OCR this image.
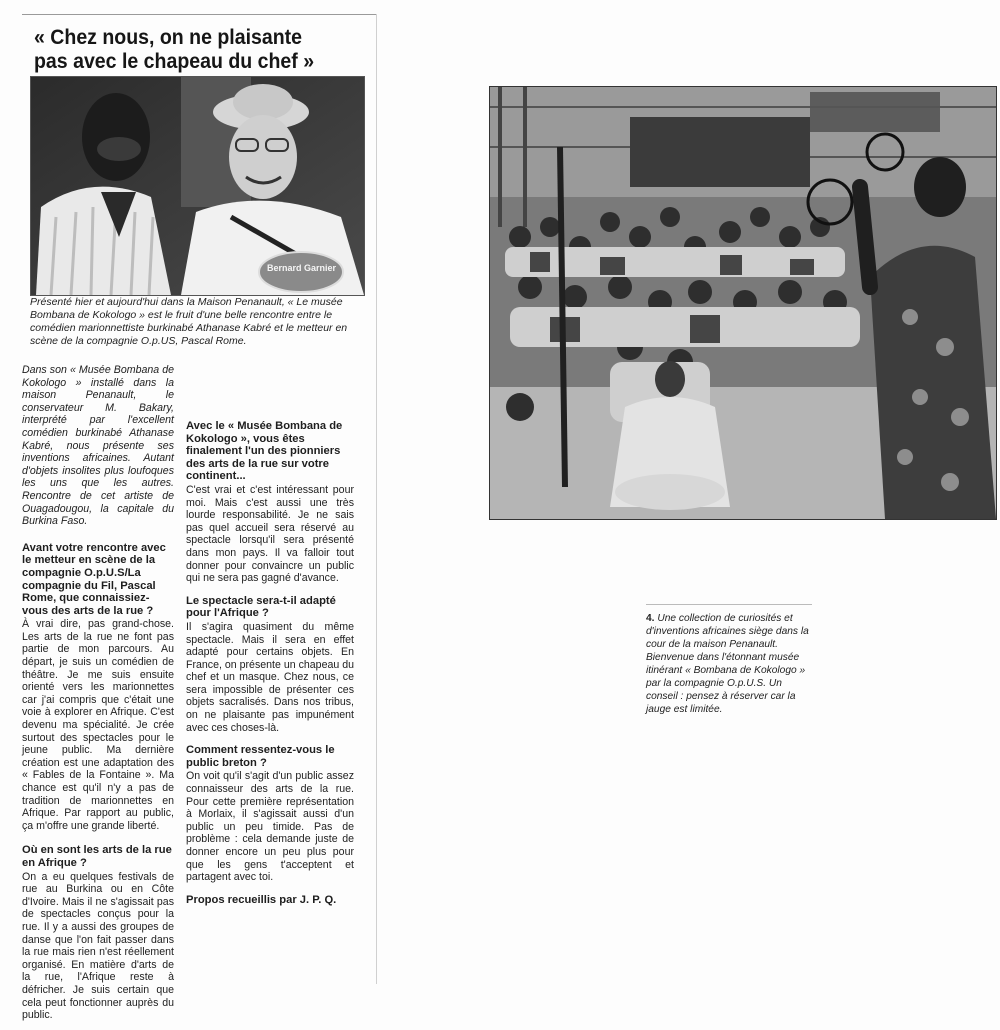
« Chez nous, on ne plaisante pas avec le chapeau du chef »
Bernard Garnier
Présenté hier et aujourd'hui dans la Maison Penanault, « Le musée Bombana de Kokologo » est le fruit d'une belle rencontre entre le comédien marionnettiste burkinabé Athanase Kabré et le metteur en scène de la compagnie O.p.US, Pascal Rome.

Dans son « Musée Bombana de Kokologo » installé dans la maison Penanault, le conservateur M. Bakary, interprété par l'excellent comédien burkinabé Athanase Kabré, nous présente ses inventions africaines. Autant d'objets insolites plus loufoques les uns que les autres. Rencontre de cet artiste de Ouagadougou, la capitale du Burkina Faso.

Avant votre rencontre avec le metteur en scène de la compagnie O.p.U.S/La compagnie du Fil, Pascal Rome, que connaissiez-vous des arts de la rue ?

À vrai dire, pas grand-chose. Les arts de la rue ne font pas partie de mon parcours. Au départ, je suis un comédien de théâtre. Je me suis ensuite orienté vers les marionnettes car j'ai compris que c'était une voie à explorer en Afrique. C'est devenu ma spécialité. Je crée surtout des spectacles pour le jeune public. Ma dernière création est une adaptation des « Fables de la Fontaine ». Ma chance est qu'il n'y a pas de tradition de marionnettes en Afrique. Par rapport au public, ça m'offre une grande liberté.

Où en sont les arts de la rue en Afrique ?

On a eu quelques festivals de rue au Burkina ou en Côte d'Ivoire. Mais il ne s'agissait pas de spectacles conçus pour la rue. Il y a aussi des groupes de danse que l'on fait passer dans la rue mais rien n'est réellement organisé. En matière d'arts de la rue, l'Afrique reste à défricher. Je suis certain que cela peut fonctionner auprès du public.

Avec le « Musée Bombana de Kokologo », vous êtes finalement l'un des pionniers des arts de la rue sur votre continent...

C'est vrai et c'est intéressant pour moi. Mais c'est aussi une très lourde responsabilité. Je ne sais pas quel accueil sera réservé au spectacle lorsqu'il sera présenté dans mon pays. Il va falloir tout donner pour convaincre un public qui ne sera pas gagné d'avance.

Le spectacle sera-t-il adapté pour l'Afrique ?

Il s'agira quasiment du même spectacle. Mais il sera en effet adapté pour certains objets. En France, on présente un chapeau du chef et un masque. Chez nous, ce sera impossible de présenter ces objets sacralisés. Dans nos tribus, on ne plaisante pas impunément avec ces choses-là.

Comment ressentez-vous le public breton ?

On voit qu'il s'agit d'un public assez connaisseur des arts de la rue. Pour cette première représentation à Morlaix, il s'agissait aussi d'un public un peu timide. Pas de problème : cela demande juste de donner encore un peu plus pour que les gens t'acceptent et partagent avec toi.

Propos recueillis par J. P. Q.

4. Une collection de curiosités et d'inventions africaines siège dans la cour de la maison Penanault. Bienvenue dans l'étonnant musée itinérant « Bombana de Kokologo » par la compagnie O.p.U.S. Un conseil : pensez à réserver car la jauge est limitée.
